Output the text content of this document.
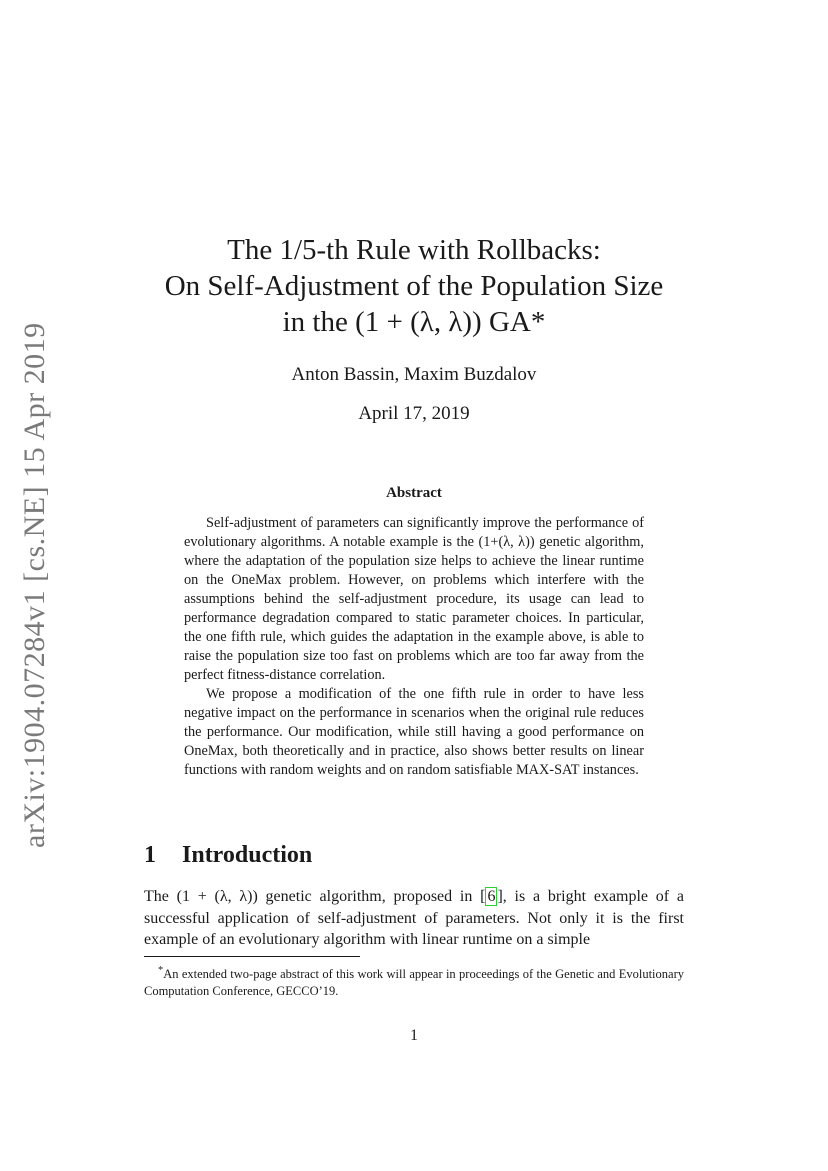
arXiv:1904.07284v1 [cs.NE] 15 Apr 2019
The 1/5-th Rule with Rollbacks:
On Self-Adjustment of the Population Size
in the (1 + (λ, λ)) GA*
Anton Bassin, Maxim Buzdalov
April 17, 2019
Abstract

Self-adjustment of parameters can significantly improve the performance of evolutionary algorithms. A notable example is the (1+(λ, λ)) genetic algorithm, where the adaptation of the population size helps to achieve the linear runtime on the OneMax problem. However, on problems which interfere with the assumptions behind the self-adjustment procedure, its usage can lead to performance degradation compared to static parameter choices. In particular, the one fifth rule, which guides the adaptation in the example above, is able to raise the population size too fast on problems which are too far away from the perfect fitness-distance correlation.

We propose a modification of the one fifth rule in order to have less negative impact on the performance in scenarios when the original rule reduces the performance. Our modification, while still having a good performance on OneMax, both theoretically and in practice, also shows better results on linear functions with random weights and on random satisfiable MAX-SAT instances.

1 Introduction

The (1 + (λ, λ)) genetic algorithm, proposed in [ 6 ], is a bright example of a successful application of self-adjustment of parameters. Not only it is the first example of an evolutionary algorithm with linear runtime on a simple

*An extended two-page abstract of this work will appear in proceedings of the Genetic and Evolutionary Computation Conference, GECCO’19.

1
